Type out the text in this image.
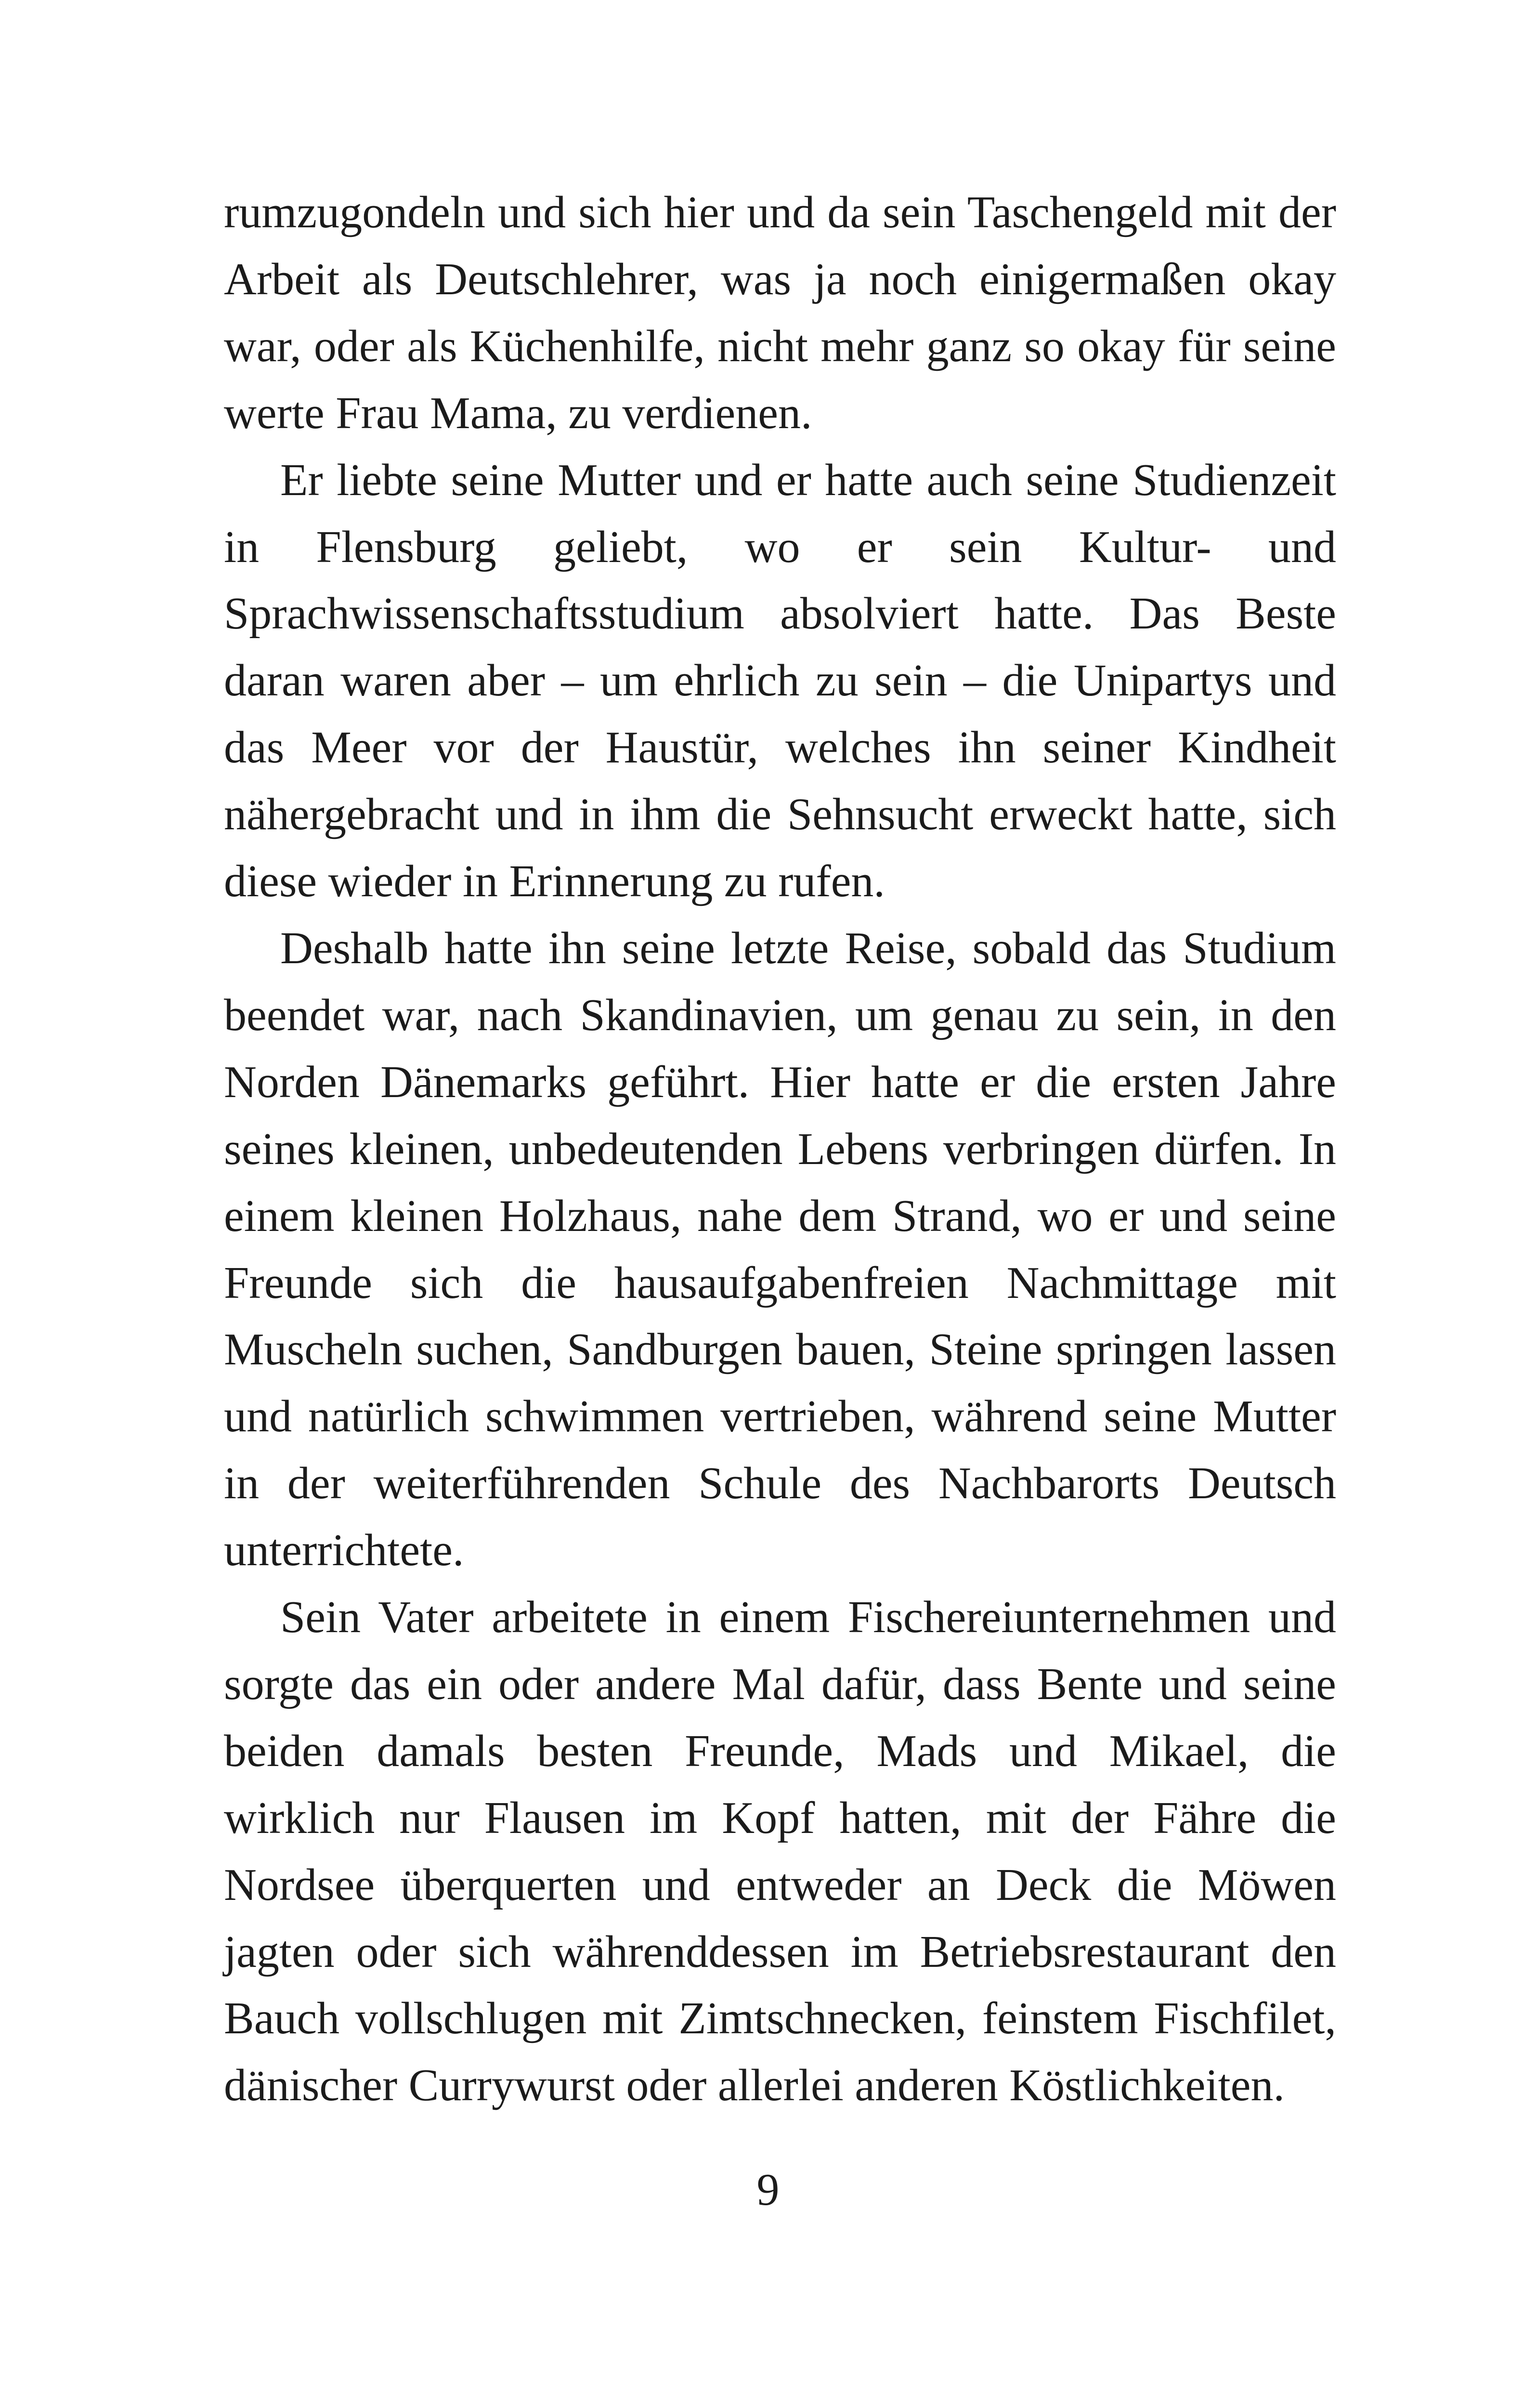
rumzugondeln und sich hier und da sein Taschengeld mit der Arbeit als Deutschlehrer, was ja noch einigermaßen okay war, oder als Küchenhilfe, nicht mehr ganz so okay für seine werte Frau Mama, zu verdienen.

Er liebte seine Mutter und er hatte auch seine Studienzeit in Flensburg geliebt, wo er sein Kultur- und Sprachwissenschaftsstudium absolviert hatte. Das Beste daran waren aber – um ehrlich zu sein – die Unipartys und das Meer vor der Haustür, welches ihn seiner Kindheit nähergebracht und in ihm die Sehnsucht erweckt hatte, sich diese wieder in Erinnerung zu rufen.

Deshalb hatte ihn seine letzte Reise, sobald das Studium beendet war, nach Skandinavien, um genau zu sein, in den Norden Dänemarks geführt. Hier hatte er die ersten Jahre seines kleinen, unbedeutenden Lebens verbringen dürfen. In einem kleinen Holzhaus, nahe dem Strand, wo er und seine Freunde sich die hausaufgabenfreien Nachmittage mit Muscheln suchen, Sandburgen bauen, Steine springen lassen und natürlich schwimmen vertrieben, während seine Mutter in der weiterführenden Schule des Nachbarorts Deutsch unterrichtete.

Sein Vater arbeitete in einem Fischereiunternehmen und sorgte das ein oder andere Mal dafür, dass Bente und seine beiden damals besten Freunde, Mads und Mikael, die wirklich nur Flausen im Kopf hatten, mit der Fähre die Nordsee überquerten und entweder an Deck die Möwen jagten oder sich währenddessen im Betriebsrestaurant den Bauch vollschlugen mit Zimtschnecken, feinstem Fischfilet, dänischer Currywurst oder allerlei anderen Köstlichkeiten.

9
